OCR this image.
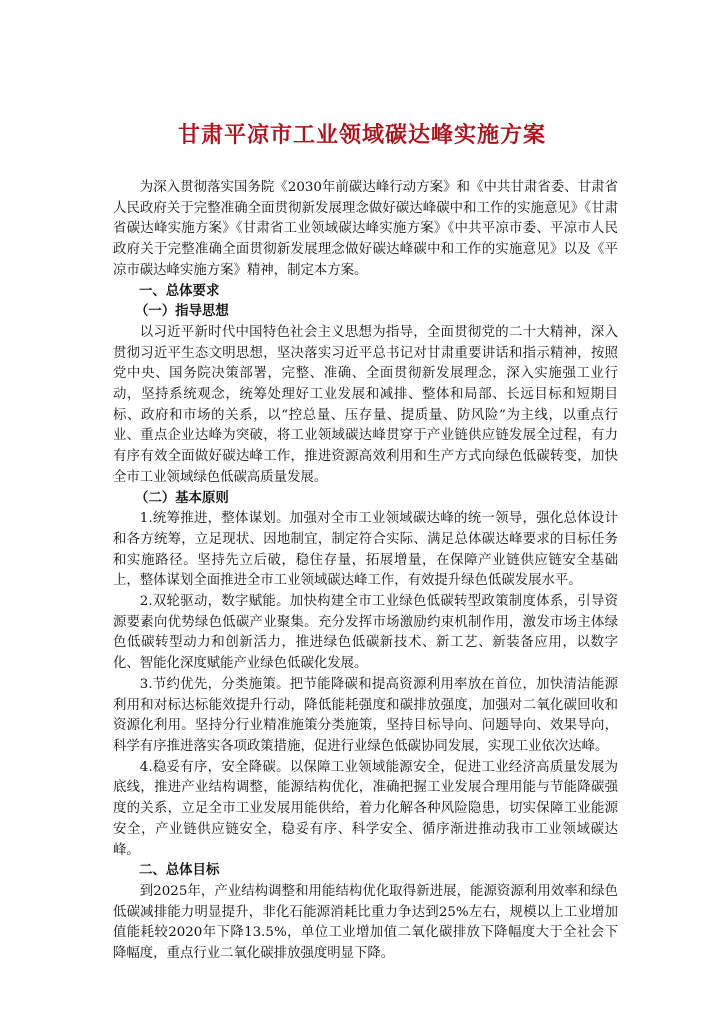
甘肃平凉市工业领域碳达峰实施方案

为深入贯彻落实国务院《2030年前碳达峰行动方案》和《中共甘肃省委、甘肃省人民政府关于完整准确全面贯彻新发展理念做好碳达峰碳中和工作的实施意见》《甘肃省碳达峰实施方案》《甘肃省工业领域碳达峰实施方案》《中共平凉市委、平凉市人民政府关于完整准确全面贯彻新发展理念做好碳达峰碳中和工作的实施意见》以及《平凉市碳达峰实施方案》精神，制定本方案。

一、总体要求
（一）指导思想

以习近平新时代中国特色社会主义思想为指导，全面贯彻党的二十大精神，深入贯彻习近平生态文明思想，坚决落实习近平总书记对甘肃重要讲话和指示精神，按照党中央、国务院决策部署，完整、准确、全面贯彻新发展理念，深入实施强工业行动，坚持系统观念，统筹处理好工业发展和减排、整体和局部、长远目标和短期目标、政府和市场的关系，以“控总量、压存量、提质量、防风险”为主线，以重点行业、重点企业达峰为突破，将工业领域碳达峰贯穿于产业链供应链发展全过程，有力有序有效全面做好碳达峰工作，推进资源高效利用和生产方式向绿色低碳转变，加快全市工业领域绿色低碳高质量发展。

（二）基本原则

1.统筹推进，整体谋划。加强对全市工业领域碳达峰的统一领导，强化总体设计和各方统筹，立足现状、因地制宜，制定符合实际、满足总体碳达峰要求的目标任务和实施路径。坚持先立后破，稳住存量，拓展增量，在保障产业链供应链安全基础上，整体谋划全面推进全市工业领域碳达峰工作，有效提升绿色低碳发展水平。

2.双轮驱动，数字赋能。加快构建全市工业绿色低碳转型政策制度体系，引导资源要素向优势绿色低碳产业聚集。充分发挥市场激励约束机制作用，激发市场主体绿色低碳转型动力和创新活力，推进绿色低碳新技术、新工艺、新装备应用，以数字化、智能化深度赋能产业绿色低碳化发展。

3.节约优先，分类施策。把节能降碳和提高资源利用率放在首位，加快清洁能源利用和对标达标能效提升行动，降低能耗强度和碳排放强度，加强对二氧化碳回收和资源化利用。坚持分行业精准施策分类施策，坚持目标导向、问题导向、效果导向，科学有序推进落实各项政策措施，促进行业绿色低碳协同发展，实现工业依次达峰。

4.稳妥有序，安全降碳。以保障工业领域能源安全，促进工业经济高质量发展为底线，推进产业结构调整，能源结构优化，准确把握工业发展合理用能与节能降碳强度的关系，立足全市工业发展用能供给，着力化解各种风险隐患，切实保障工业能源安全，产业链供应链安全，稳妥有序、科学安全、循序渐进推动我市工业领域碳达峰。

二、总体目标

到2025年，产业结构调整和用能结构优化取得新进展，能源资源利用效率和绿色低碳减排能力明显提升，非化石能源消耗比重力争达到25%左右，规模以上工业增加值能耗较2020年下降13.5%，单位工业增加值二氧化碳排放下降幅度大于全社会下降幅度，重点行业二氧化碳排放强度明显下降。
